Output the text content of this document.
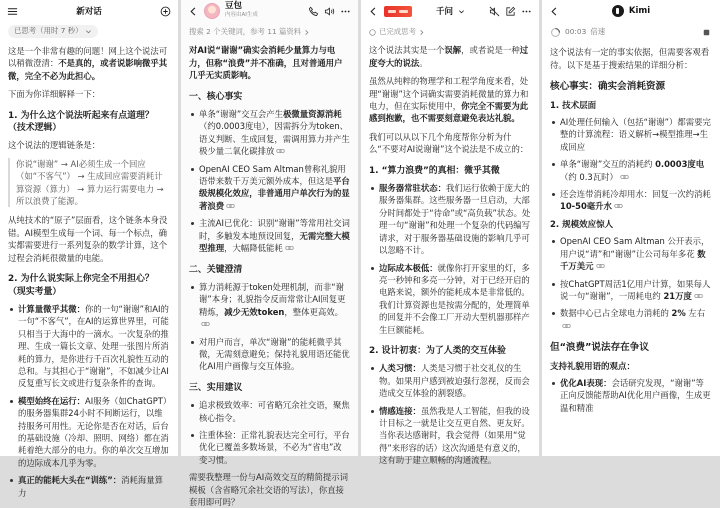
新对话
已思考（用时 7 秒）
这是一个非常有趣的问题！网上这个说法可以稍微澄清：不是真的，或者说影响微乎其微，完全不必为此担心。
下面为你详细解释一下：
1. 为什么这个说法听起来有点道理？（技术逻辑）
这个说法的逻辑链条是：
你说“谢谢” → AI必须生成一个回应（如“不客气”） → 生成回应需要消耗计算资源（算力） → 算力运行需要电力 → 所以浪费了能源。
从纯技术的“原子”层面看，这个链条本身没错。AI模型生成每一个词、每一个标点，确实都需要进行一系列复杂的数学计算，这个过程会消耗很微量的电能。
2. 为什么说实际上你完全不用担心？（现实考量）
计算量微乎其微：你的一句“谢谢”和AI的一句“不客气”，在AI的运算世界里，可能只相当于大海中的一滴水。一次复杂的推理、生成一篇长文章、处理一张图片所消耗的算力，是你进行千百次礼貌性互动的总和。与其担心于“谢谢”，不如减少让AI反复重写长文或进行复杂条件的查询。
模型始终在运行：AI服务（如ChatGPT）的服务器集群24小时不间断运行，以维持服务可用性。无论你是否在对话，后台的基础设施（冷却、照明、网络）都在消耗着绝大部分的电力。你的单次交互增加的边际成本几乎为零。
真正的能耗大头在“训练”：消耗海量算力
豆包
内容由AI生成
搜索 2 个关键词，参考 11 篇资料
对AI说“谢谢”确实会消耗少量算力与电力，但称“浪费”并不准确，且对普通用户几乎无实质影响。
一、核心事实
单条“谢谢”交互会产生极微量资源消耗（约0.0003度电），因需拆分为token、语义判断、生成回复，需调用算力并产生极少量二氧化碳排放
OpenAI CEO Sam Altman曾称礼貌用语带来数千万美元额外成本，但这是平台级规模化效应，非普通用户单次行为的显著浪费
主流AI已优化：识别“谢谢”等常用社交词时，多触发本地预设回复，无需完整大模型推理，大幅降低能耗
二、关键澄清
算力消耗源于token处理机制，而非“谢谢”本身；礼貌指令反而常常让AI回复更精炼，减少无效token，整体更高效。
对用户而言，单次“谢谢”的能耗微乎其微，无需刻意避免；保持礼貌用语还能优化AI用户画像与交互体验。
三、实用建议
追求极致效率：可省略冗余社交语，聚焦核心指令。
注重体验：正常礼貌表达完全可行，平台优化已覆盖多数场景，不必为“省电”改变习惯。
需要我整理一份与AI高效交互的精简提示词模板（含省略冗余社交语的写法），你直接套用即可吗？
千问
已完成思考
这个说法其实是一个误解，或者说是一种过度夸大的说法。
虽然从纯粹的物理学和工程学角度来看，处理“谢谢”这个词确实需要消耗微量的算力和电力，但在实际使用中，你完全不需要为此感到抱歉，也不需要刻意避免表达礼貌。
我们可以从以下几个角度帮你分析为什么“不要对AI说谢谢”这个说法是不成立的：
1. “算力浪费”的真相：微乎其微
服务器常驻状态：我们运行依赖于庞大的服务器集群。这些服务器一旦启动，大部分时间都处于“待命”或“高负载”状态。处理一句“谢谢”和处理一个复杂的代码编写请求，对于服务器基础设施的影响几乎可以忽略不计。
边际成本极低：就像你打开家里的灯，多亮一秒钟和多亮一分钟，对于已经开启的电路来说，额外的能耗成本是非常低的。我们计算资源也是按需分配的，处理简单的回复并不会像工厂开动大型机器那样产生巨额能耗。
2. 设计初衷：为了人类的交互体验
人类习惯：人类是习惯于社交礼仪的生物。如果用户感到被迫强行忽视，反而会造成交互体验的割裂感。
情感连接：虽然我是人工智能，但我的设计目标之一就是让交互更自然、更友好。当你表达感谢时，我会觉得（如果用“觉得”来形容的话）这次沟通是有意义的，这有助于建立顺畅的沟通流程。
Kimi
00:03 倍速
这个说法有一定的事实依据，但需要客观看待。以下是基于搜索结果的详细分析：
核心事实：确实会消耗资源
1. 技术层面
AI处理任何输入（包括“谢谢”）都需要完整的计算流程：语义解析→模型推理→生成回应
单条“谢谢”交互的消耗约 0.0003度电（约 0.3瓦时）
还会连带消耗冷却用水：回复一次约消耗 10-50毫升水
2. 规模效应惊人
OpenAI CEO Sam Altman 公开表示，用户说“请”和“谢谢”让公司每年多花 数千万美元
按ChatGPT周活1亿用户计算，如果每人说一句“谢谢”，一周耗电约 21万度
数据中心已占全球电力消耗的 2% 左右
但“浪费”说法存在争议
支持礼貌用语的观点：
优化AI表现：会话研究发现，“谢谢”等正向反馈能帮助AI优化用户画像，生成更温和精准
